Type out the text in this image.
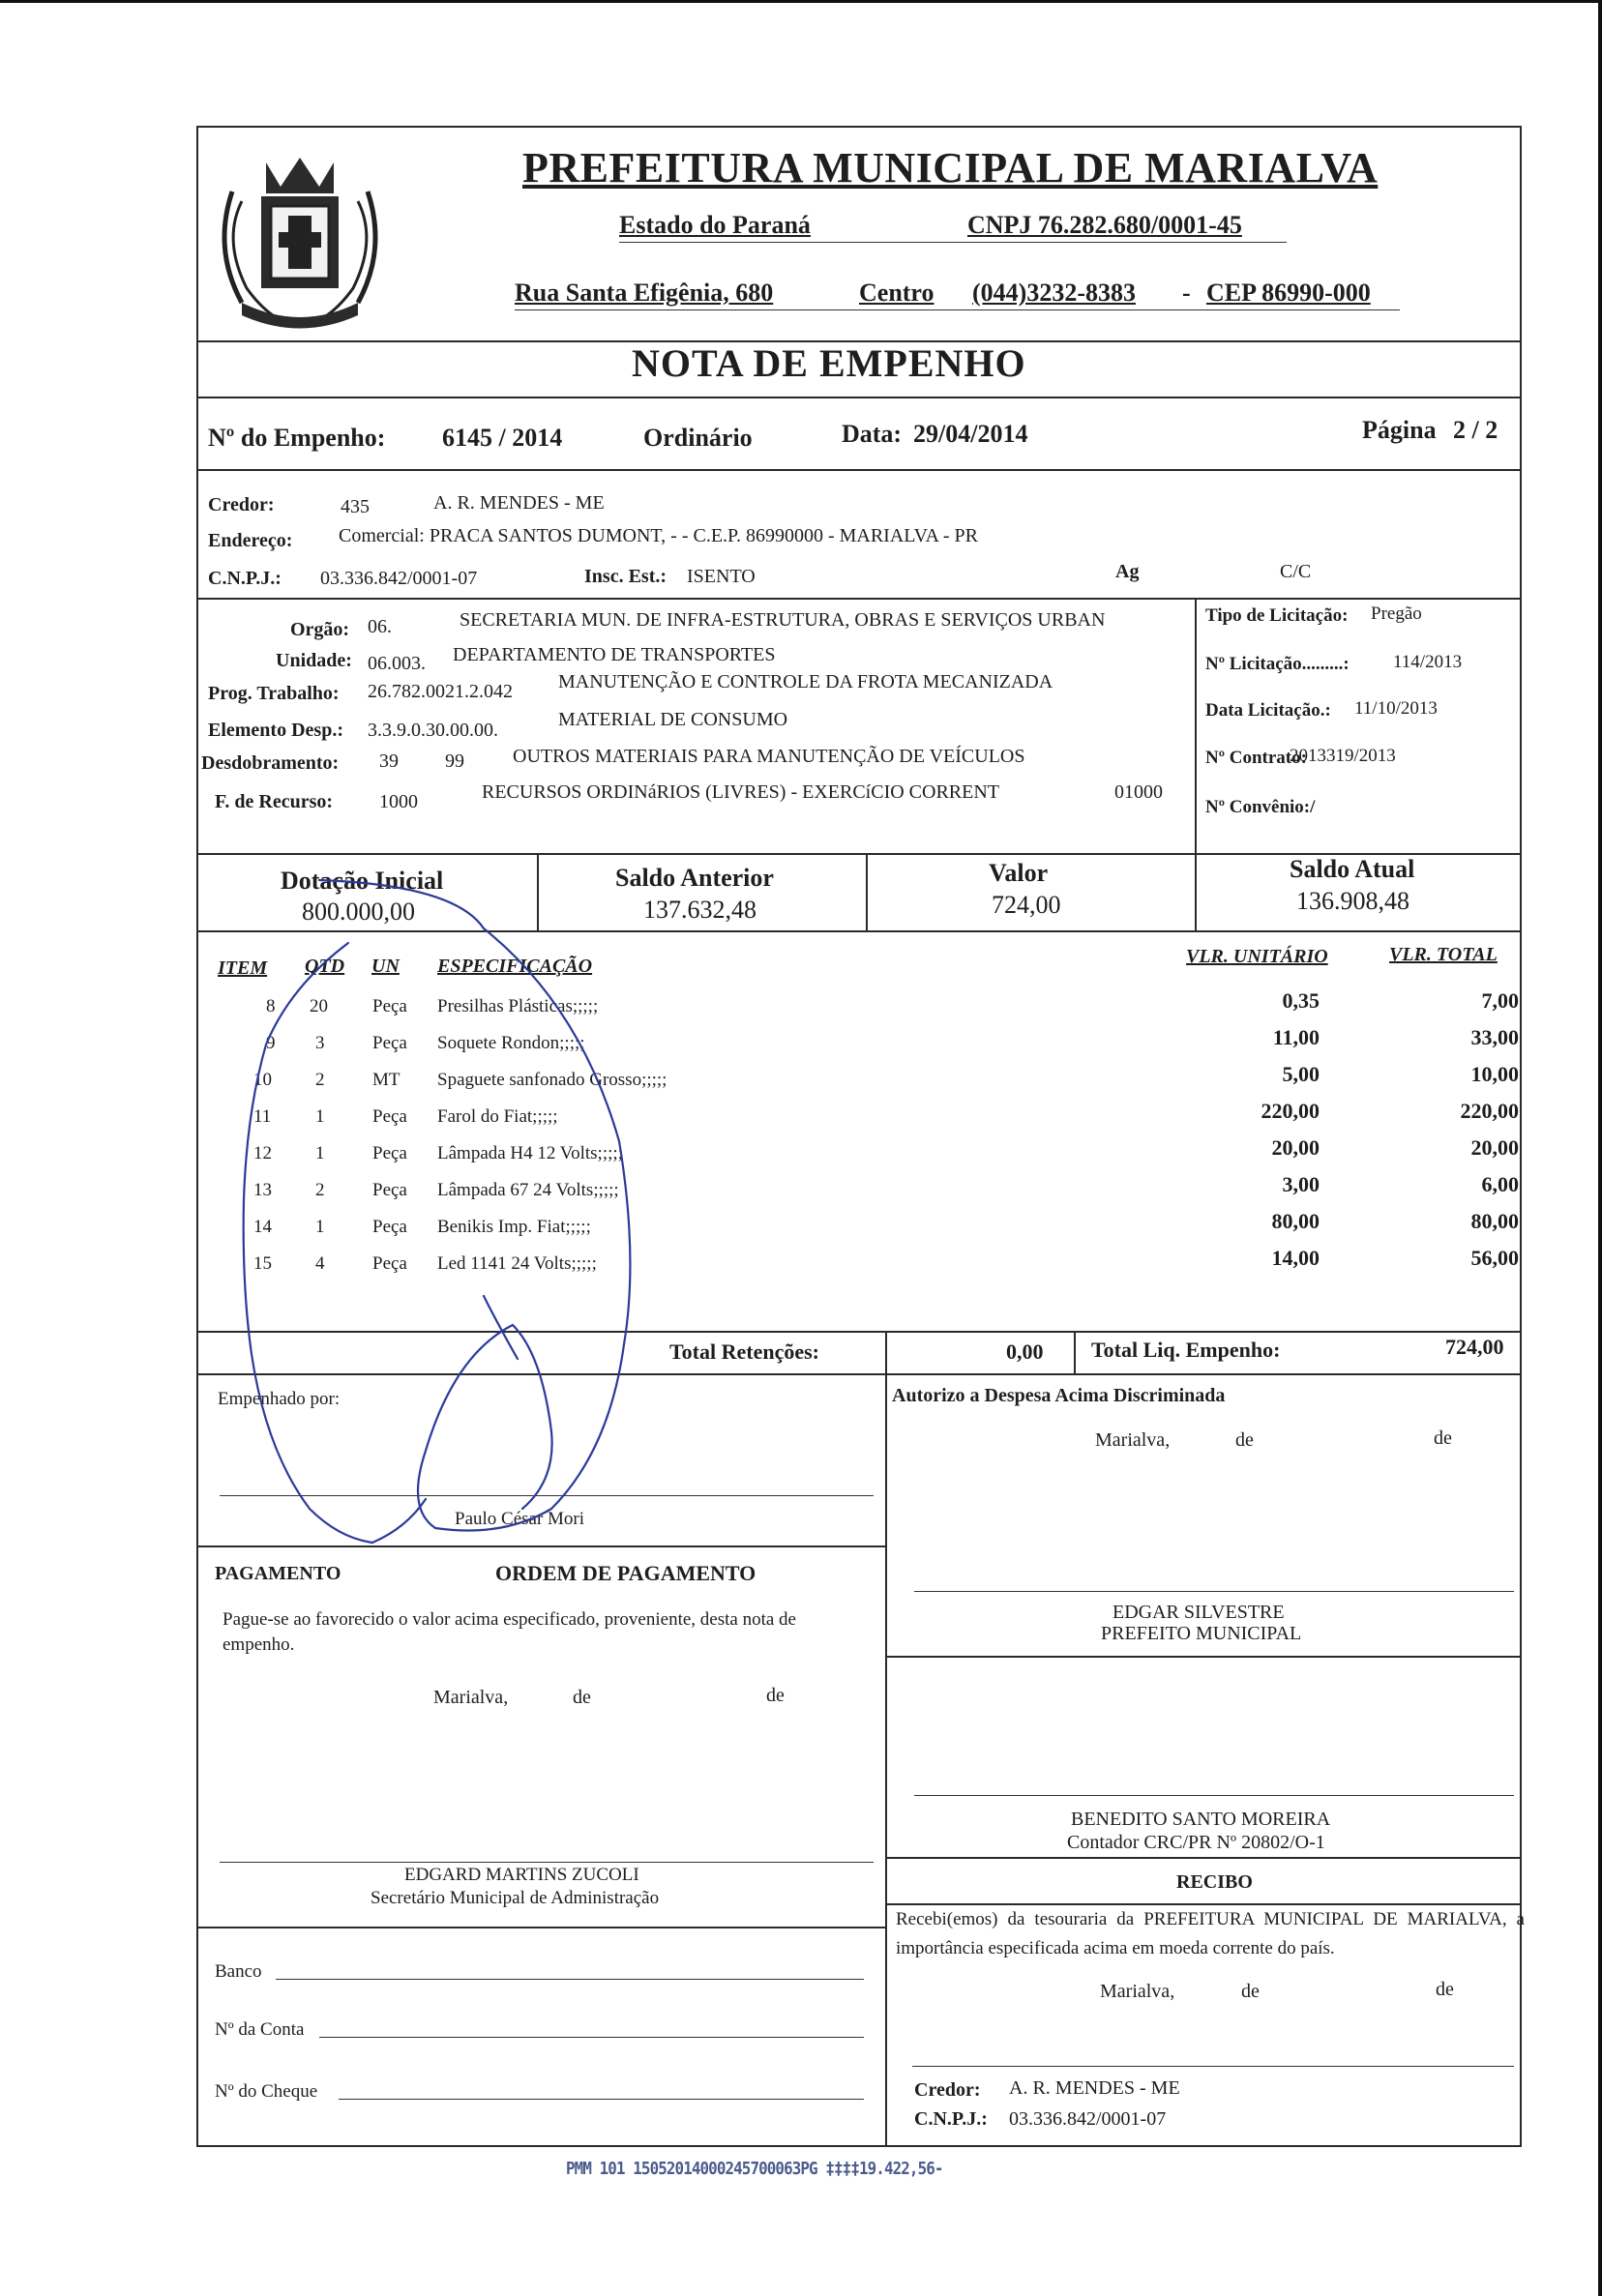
PREFEITURA MUNICIPAL DE MARIALVA
Estado do Paraná	CNPJ 76.282.680/0001-45
Rua Santa Efigênia, 680	Centro (044)3232-8383 - CEP 86990-000
NOTA DE EMPENHO
Nº do Empenho: 6145 / 2014	Ordinário	Data: 29/04/2014	Página 2 / 2
Credor:	435	A. R. MENDES - ME
Endereço: Comercial: PRACA SANTOS DUMONT, - - C.E.P. 86990000 - MARIALVA - PR
C.N.P.J.: 03.336.842/0001-07	Insc. Est.: ISENTO	Ag	C/C
Orgão: 06.	SECRETARIA MUN. DE INFRA-ESTRUTURA, OBRAS E SERVIÇOS URBAN
Unidade: 06.003. DEPARTAMENTO DE TRANSPORTES
Prog. Trabalho: 26.782.0021.2.042 MANUTENÇÃO E CONTROLE DA FROTA MECANIZADA
Elemento Desp.: 3.3.9.0.30.00.00.	MATERIAL DE CONSUMO
Desdobramento: 39 99	OUTROS MATERIAIS PARA MANUTENÇÃO DE VEÍCULOS
F. de Recurso: 1000	RECURSOS ORDINáRIOS (LIVRES) - EXERCíCIO CORRENT	01000
Tipo de Licitação: Pregão
Nº Licitação.........: 114/2013
Data Licitação.: 11/10/2013
Nº Contrato:
2013319/2013
Nº Convênio:/
Dotação Inicial
800.000,00
Saldo Anterior
137.632,48
Valor
724,00
Saldo Atual
136.908,48
ITEM QTD UN ESPECIFICAÇÃO	VLR. UNITÁRIO	VLR. TOTAL
8 20 Peça Presilhas Plásticas;;;;;	0,35	7,00
9 3	Peça Soquete Rondon;;;;;	11,00	33,00
10 2	MT Spaguete sanfonado Grosso;;;;;	5,00	10,00
11 1	Peça Farol do Fiat;;;;;	220,00	220,00
12 1	Peça Lâmpada H4 12 Volts;;;;;	20,00	20,00
13 2	Peça Lâmpada 67 24 Volts;;;;;	3,00	6,00
14 1	Peça Benikis Imp. Fiat;;;;;	80,00	80,00
15 4	Peça Led 1141 24 Volts;;;;;	14,00	56,00
Total Retenções:	0,00 Total Liq. Empenho:	724,00
Empenhado por:
Paulo César Mori
Autorizo a Despesa Acima Discriminada
Marialva,	de	de
PAGAMENTO	ORDEM DE PAGAMENTO
Pague-se ao favorecido o valor acima especificado, proveniente, desta nota de empenho.
Marialva,	de	de
EDGAR SILVESTRE
PREFEITO MUNICIPAL
BENEDITO SANTO MOREIRA
Contador CRC/PR Nº 20802/O-1
RECIBO
Recebi(emos) da tesouraria da PREFEITURA MUNICIPAL DE MARIALVA, a importância especificada acima em moeda corrente do país.
Marialva,	de	de
EDGARD MARTINS ZUCOLI
Secretário Municipal de Administração
Banco
Nº da Conta
Nº do Cheque	Credor: A. R. MENDES - ME
C.N.P.J.: 03.336.842/0001-07
PMM 101 15052014000245700063PG ‡‡‡‡19.422,56-
